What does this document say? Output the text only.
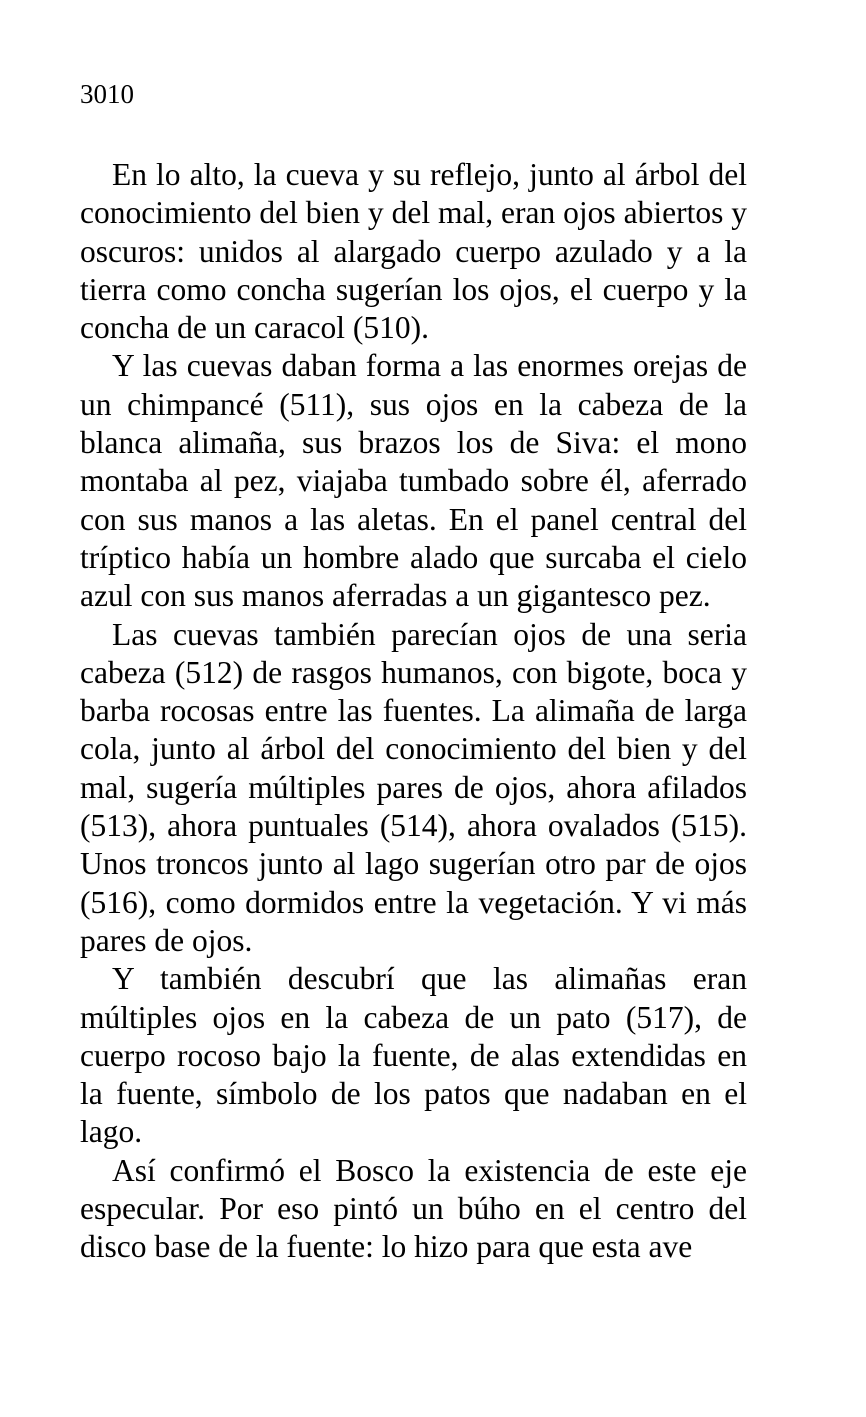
3010

En lo alto, la cueva y su reflejo, junto al árbol del conocimiento del bien y del mal, eran ojos abiertos y oscuros: unidos al alargado cuerpo azulado y a la tierra como concha sugerían los ojos, el cuerpo y la concha de un caracol (510).

Y las cuevas daban forma a las enormes orejas de un chimpancé (511), sus ojos en la cabeza de la blanca alimaña, sus brazos los de Siva: el mono montaba al pez, viajaba tumbado sobre él, aferrado con sus manos a las aletas. En el panel central del tríptico había un hombre alado que surcaba el cielo azul con sus manos aferradas a un gigantesco pez.

Las cuevas también parecían ojos de una seria cabeza (512) de rasgos humanos, con bigote, boca y barba rocosas entre las fuentes. La alimaña de larga cola, junto al árbol del conocimiento del bien y del mal, sugería múltiples pares de ojos, ahora afilados (513), ahora puntuales (514), ahora ovalados (515). Unos troncos junto al lago sugerían otro par de ojos (516), como dormidos entre la vegetación. Y vi más pares de ojos.

Y también descubrí que las alimañas eran múltiples ojos en la cabeza de un pato (517), de cuerpo rocoso bajo la fuente, de alas extendidas en la fuente, símbolo de los patos que nadaban en el lago.

Así confirmó el Bosco la existencia de este eje especular. Por eso pintó un búho en el centro del disco base de la fuente: lo hizo para que esta ave
